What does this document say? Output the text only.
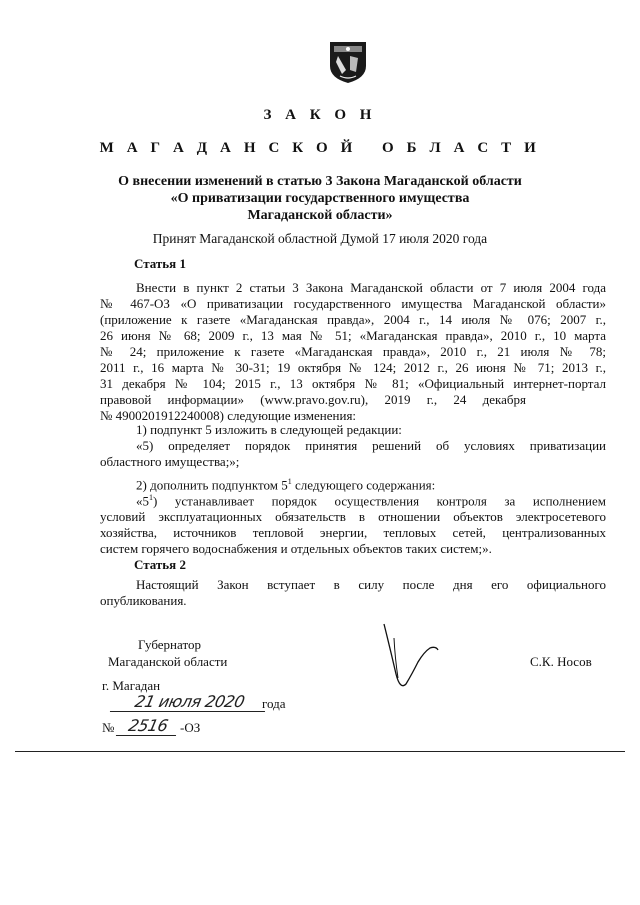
З А К О Н
М А Г А Д А Н С К О Й   О Б Л А С Т И
О внесении изменений в статью 3 Закона Магаданской области
«О приватизации государственного имущества
Магаданской области»
Принят Магаданской областной Думой 17 июля 2020 года
Статья 1
Внести в пункт 2 статьи 3 Закона Магаданской области от 7 июля 2004 года
№ 467-ОЗ «О приватизации государственного имущества Магаданской области»
(приложение к газете «Магаданская правда», 2004 г., 14 июля № 076; 2007 г.,
26 июня № 68; 2009 г., 13 мая № 51; «Магаданская правда», 2010 г., 10 марта
№ 24; приложение к газете «Магаданская правда», 2010 г., 21 июля № 78;
2011 г., 16 марта № 30-31; 19 октября № 124; 2012 г., 26 июня № 71; 2013 г.,
31 декабря № 104; 2015 г., 13 октября № 81; «Официальный интернет-портал
правовой     информации»     (www.pravo.gov.ru),     2019     г.,     24     декабря
№ 4900201912240008) следующие изменения:
1) подпункт 5 изложить в следующей редакции:
«5) определяет порядок принятия решений об условиях приватизации
областного имущества;»;
2) дополнить подпунктом $5^1$ следующего содержания:
«$5^1$) устанавливает порядок осуществления контроля за исполнением
условий эксплуатационных обязательств в отношении объектов электросетевого
хозяйства, источников тепловой энергии, тепловых сетей, централизованных
систем горячего водоснабжения и отдельных объектов таких систем;».
Статья 2
Настоящий Закон вступает в силу после дня его официального
опубликования.
Губернатор
Магаданской области	С.К. Носов
г. Магадан
21 июля 2020	года
№ 2516 -ОЗ
